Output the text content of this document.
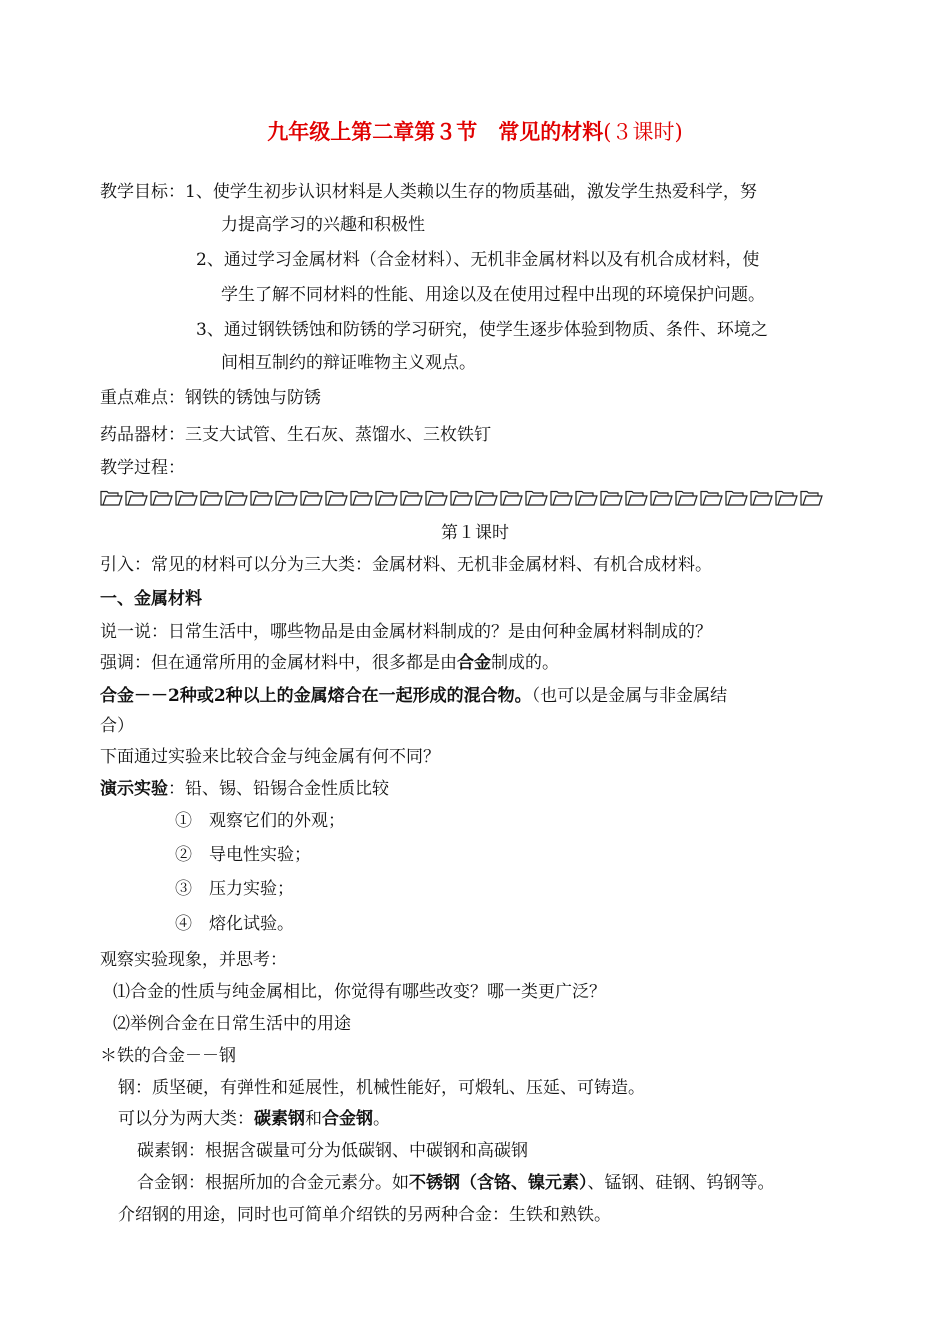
九年级上第二章第３节　常见的材料(３课时)
教学目标：1、使学生初步认识材料是人类赖以生存的物质基础，激发学生热爱科学，努
力提高学习的兴趣和积极性
2、通过学习金属材料（合金材料）、无机非金属材料以及有机合成材料，使
学生了解不同材料的性能、用途以及在使用过程中出现的环境保护问题。
3、通过钢铁锈蚀和防锈的学习研究，使学生逐步体验到物质、条件、环境之
间相互制约的辩证唯物主义观点。
重点难点：钢铁的锈蚀与防锈
药品器材：三支大试管、生石灰、蒸馏水、三枚铁钉
教学过程：
第１课时
引入：常见的材料可以分为三大类：金属材料、无机非金属材料、有机合成材料。
一、金属材料
说一说：日常生活中，哪些物品是由金属材料制成的？是由何种金属材料制成的？
强调：但在通常所用的金属材料中，很多都是由合金制成的。
合金－－2种或2种以上的金属熔合在一起形成的混合物。（也可以是金属与非金属结
合）
下面通过实验来比较合金与纯金属有何不同？
演示实验：铅、锡、铅锡合金性质比较
①　观察它们的外观；
②　导电性实验；
③　压力实验；
④　熔化试验。
观察实验现象，并思考：
⑴合金的性质与纯金属相比，你觉得有哪些改变？哪一类更广泛？
⑵举例合金在日常生活中的用途
＊铁的合金－－钢
钢：质坚硬，有弹性和延展性，机械性能好，可煅轧、压延、可铸造。
可以分为两大类：碳素钢和合金钢。
碳素钢：根据含碳量可分为低碳钢、中碳钢和高碳钢
合金钢：根据所加的合金元素分。如不锈钢（含铬、镍元素）、锰钢、硅钢、钨钢等。
介绍钢的用途，同时也可简单介绍铁的另两种合金：生铁和熟铁。
